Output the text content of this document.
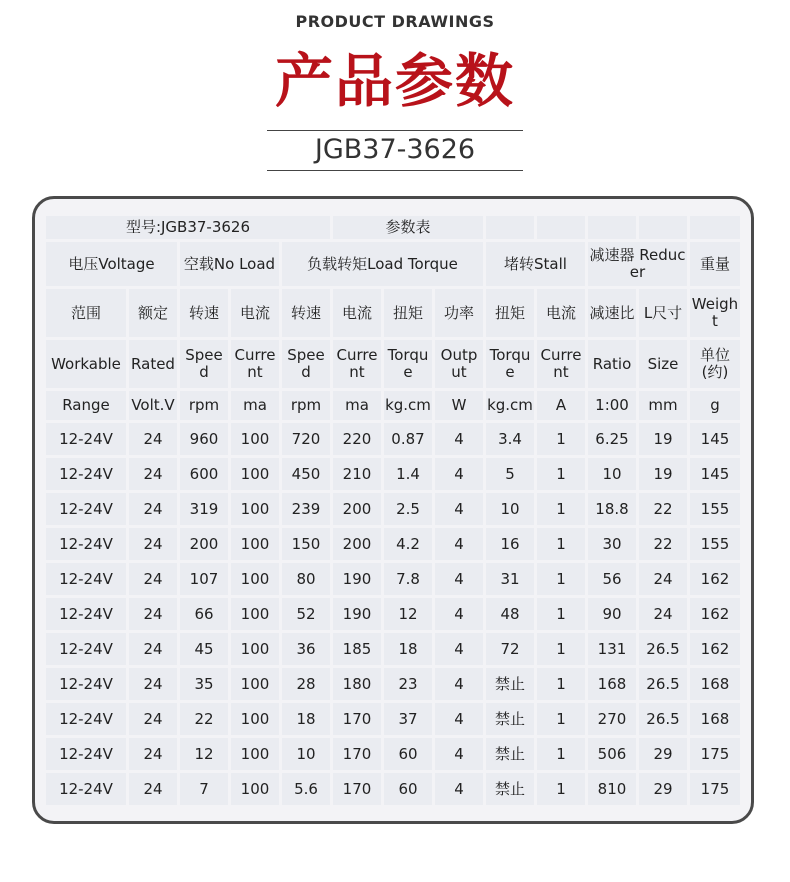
PRODUCT DRAWINGS
产品参数
JGB37-3626
型号:JGB37-3626					参数表							
电压Voltage		空载No Load		负载转矩Load Torque				堵转Stall		减速器 Reducer		重量
范围	额定	转速	电流	转速	电流	扭矩	功率	扭矩	电流	减速比	L尺寸	Weight
Workable	Rated	Speed	Current	Speed	Current	Torque	Output	Torque	Current	Ratio	Size	单位(约)
Range	Volt.V	rpm	ma	rpm	ma	kg.cm	W	kg.cm	A	1:00	mm	g
12-24V	24	960	100	720	220	0.87	4	3.4	1	6.25	19	145
12-24V	24	600	100	450	210	1.4	4	5	1	10	19	145
12-24V	24	319	100	239	200	2.5	4	10	1	18.8	22	155
12-24V	24	200	100	150	200	4.2	4	16	1	30	22	155
12-24V	24	107	100	80	190	7.8	4	31	1	56	24	162
12-24V	24	66	100	52	190	12	4	48	1	90	24	162
12-24V	24	45	100	36	185	18	4	72	1	131	26.5	162
12-24V	24	35	100	28	180	23	4	禁止	1	168	26.5	168
12-24V	24	22	100	18	170	37	4	禁止	1	270	26.5	168
12-24V	24	12	100	10	170	60	4	禁止	1	506	29	175
12-24V	24	7	100	5.6	170	60	4	禁止	1	810	29	175
